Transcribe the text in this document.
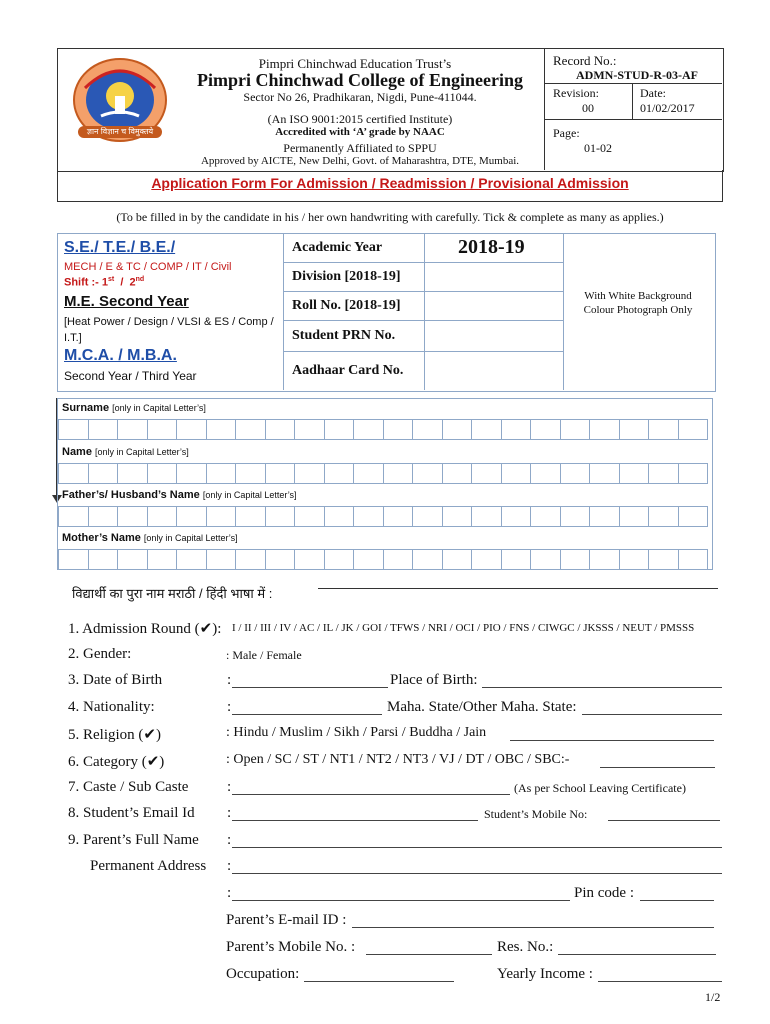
ज्ञान विज्ञान च विमुक्तये
Pimpri Chinchwad Education Trust’s
Pimpri Chinchwad College of Engineering
Sector No 26, Pradhikaran, Nigdi, Pune-411044.
(An ISO 9001:2015 certified Institute)
Accredited with ‘A’ grade by NAAC
Permanently Affiliated to SPPU
Approved by AICTE, New Delhi, Govt. of Maharashtra, DTE, Mumbai.
Record No.:
ADMN-STUD-R-03-AF
Revision:
00
Date:
01/02/2017
Page:
01-02
Application Form For Admission / Readmission / Provisional Admission
(To be filled in by the candidate in his / her own handwriting with carefully. Tick & complete as many as applies.)
S.E./ T.E./ B.E./
MECH / E & TC / COMP / IT / Civil
Shift :- 1st  /  2nd
M.E. Second Year
[Heat Power / Design / VLSI & ES / Comp / I.T.]
M.C.A. / M.B.A.
Second Year / Third Year
Academic Year	2018-19
Division [2018-19]
Roll No. [2018-19]
Student PRN No.
Aadhaar Card No.
With White Background Colour Photograph Only
Surname [only in Capital Letter’s]
Name [only in Capital Letter’s]
Father’s/ Husband’s Name [only in Capital Letter’s]
Mother’s Name [only in Capital Letter’s]
विद्यार्थी का पुरा नाम मराठी / हिंदी भाषा में :
1. Admission Round (✔): I / II / III / IV / AC / IL / JK / GOI / TFWS / NRI / OCI / PIO / FNS / CIWGC / JKSSS / NEUT / PMSSS
2. Gender:	: Male / Female
3. Date of Birth	:	Place of Birth:
4. Nationality:	:	Maha. State/Other Maha. State:
5. Religion (✔)	: Hindu / Muslim / Sikh / Parsi / Buddha / Jain
6. Category (✔)	: Open / SC / ST / NT1 / NT2 / NT3 / VJ / DT / OBC / SBC:-
7. Caste / Sub Caste	:	(As per School Leaving Certificate)
8. Student’s Email Id :	Student’s Mobile No:
9. Parent’s Full Name :
Permanent Address :
:	Pin code :
Parent’s E-mail ID :
Parent’s Mobile No. :	Res. No.:
Occupation:	Yearly Income :
1/2
